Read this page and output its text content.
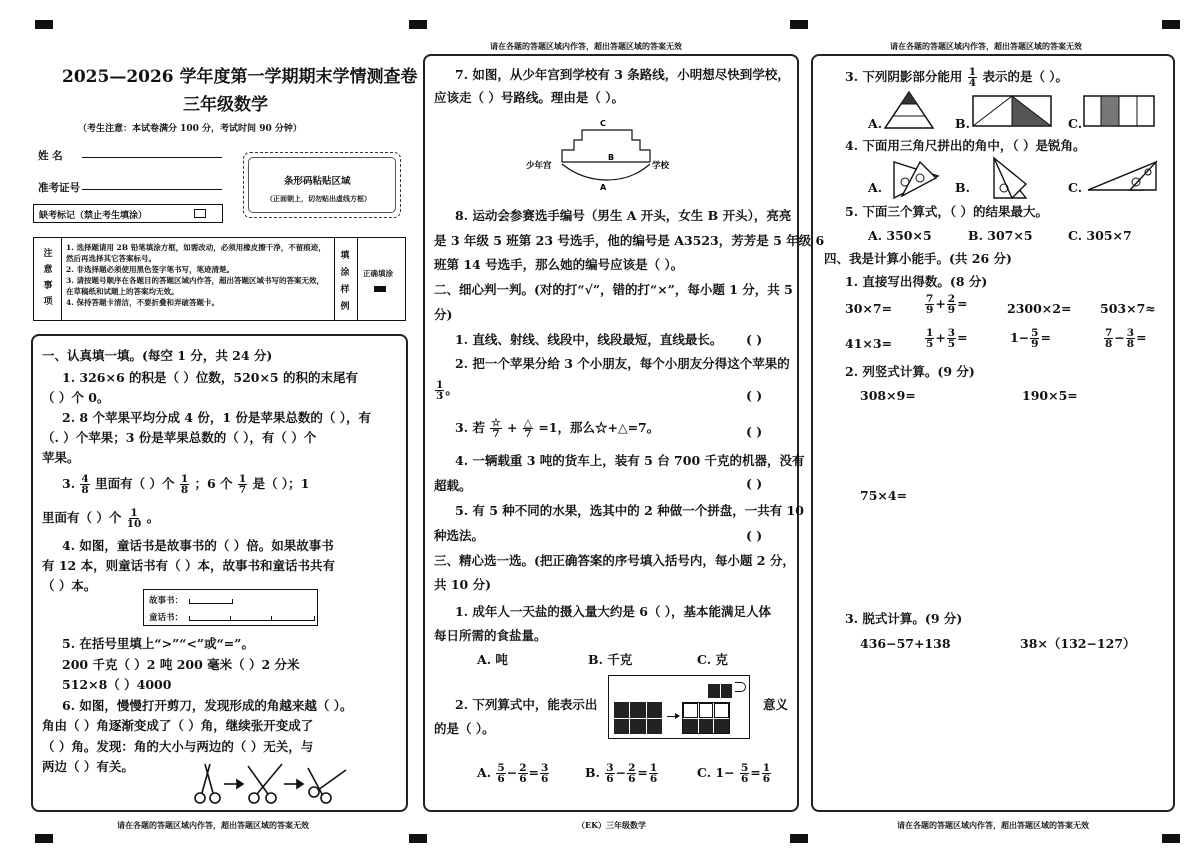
2025—2026 学年度第一学期期末学情测查卷
三年级数学
（考生注意：本试卷满分 100 分，考试时间 90 分钟）
姓 名
准考证号
缺考标记（禁止考生填涂）
条形码粘贴区域
（正面朝上，切勿贴出虚线方框）
注意事项
1. 选择题请用 2B 铅笔填涂方框，如需改动，必须用橡皮擦干净，不留痕迹，然后再选择其它答案标号。
2. 非选择题必须使用黑色签字笔书写，笔迹清楚。
3. 请按题号顺序在各题目的答题区域内作答，超出答题区域书写的答案无效，在草稿纸和试题上的答案均无效。
4. 保持答题卡清洁，不要折叠和弄破答题卡。
填涂样例
正确填涂
一、认真填一填。(每空 1 分，共 24 分)
1. 326×6 的积是（ ）位数，520×5 的积的末尾有
（ ）个 0。
2. 8 个苹果平均分成 4 份，1 份是苹果总数的（ ），有
（. ）个苹果；3 份是苹果总数的（ ），有（ ）个
苹果。
3. $\frac{4}{8}$ 里面有（ ）个 $\frac{1}{8}$ ；6 个 $\frac{1}{7}$ 是（ ）；1
里面有（ ）个 $\frac{1}{10}$ 。
4. 如图，童话书是故事书的（ ）倍。如果故事书
有 12 本，则童话书有（ ）本，故事书和童话书共有
（ ）本。
故事书：
童话书：
5. 在括号里填上“>”“<”或“=”。
200 千克（ ）2 吨 200 毫米（ ）2 分米
512×8（ ）4000
6. 如图，慢慢打开剪刀，发现形成的角越来越（ ）。
角由（ ）角逐渐变成了（ ）角，继续张开变成了
（ ）角。发现：角的大小与两边的（ ）无关，与
两边（ ）有关。
请在各题的答题区域内作答，超出答题区域的答案无效
请在各题的答题区域内作答，超出答题区域的答案无效
7. 如图，从少年宫到学校有 3 条路线，小明想尽快到学校，
应该走（ ）号路线。理由是（ ）。
C
B
A
少年宫	学校
8. 运动会参赛选手编号（男生 A 开头，女生 B 开头），亮亮
是 3 年级 5 班第 23 号选手，他的编号是 A3523，芳芳是 5 年级 6
班第 14 号选手，那么她的编号应该是（ ）。
二、细心判一判。(对的打“√”，错的打“×”，每小题 1 分，共 5
分)
1. 直线、射线、线段中，线段最短，直线最长。 ( )
2. 把一个苹果分给 3 个小朋友，每个小朋友分得这个苹果的
$\frac{1}{3}$ 。	( )
3. 若 ☆
7 + △
7 =1，那么☆+△=7。	( )
4. 一辆载重 3 吨的货车上，装有 5 台 700 千克的机器，没有
超载。	( )
5. 有 5 种不同的水果，选其中的 2 种做一个拼盘，一共有 10
种选法。	( )
三、精心选一选。(把正确答案的序号填入括号内，每小题 2 分，
共 10 分)
1. 成年人一天盐的摄入量大约是 6（ ），基本能满足人体
每日所需的食盐量。
A. 吨	B. 千克	C. 克
2. 下列算式中，能表示出	意义
的是（ ）。
A. $\frac{5}{6} - \frac{2}{6} = \frac{3}{6}$	B. $\frac{3}{6} - \frac{2}{6} = \frac{1}{6}$	C. $1- \frac{5}{6} = \frac{1}{6}$
（EK）三年级数学
请在各题的答题区域内作答，超出答题区域的答案无效
3. 下列阴影部分能用 $\frac{1}{4}$ 表示的是（ ）。
A.	B.	C.
4. 下面用三角尺拼出的角中，（ ）是锐角。
A.	B.	C.
5. 下面三个算式，（ ）的结果最大。
A. 350×5	B. 307×5	C. 305×7
四、我是计算小能手。(共 26 分)
1. 直接写出得数。(8 分)
30×7=	$\frac{7}{9} + \frac{2}{9}$ =	2300×2= 503×7≈
41×3=	$\frac{1}{5} + \frac{3}{5}$ =	$1- \frac{5}{9}$ =	$\frac{7}{8} - \frac{3}{8}$ =
2. 列竖式计算。(9 分)
308×9=	190×5=
75×4=
3. 脱式计算。(9 分)
436−57+138	38×（132−127）
请在各题的答题区域内作答，超出答题区域的答案无效
